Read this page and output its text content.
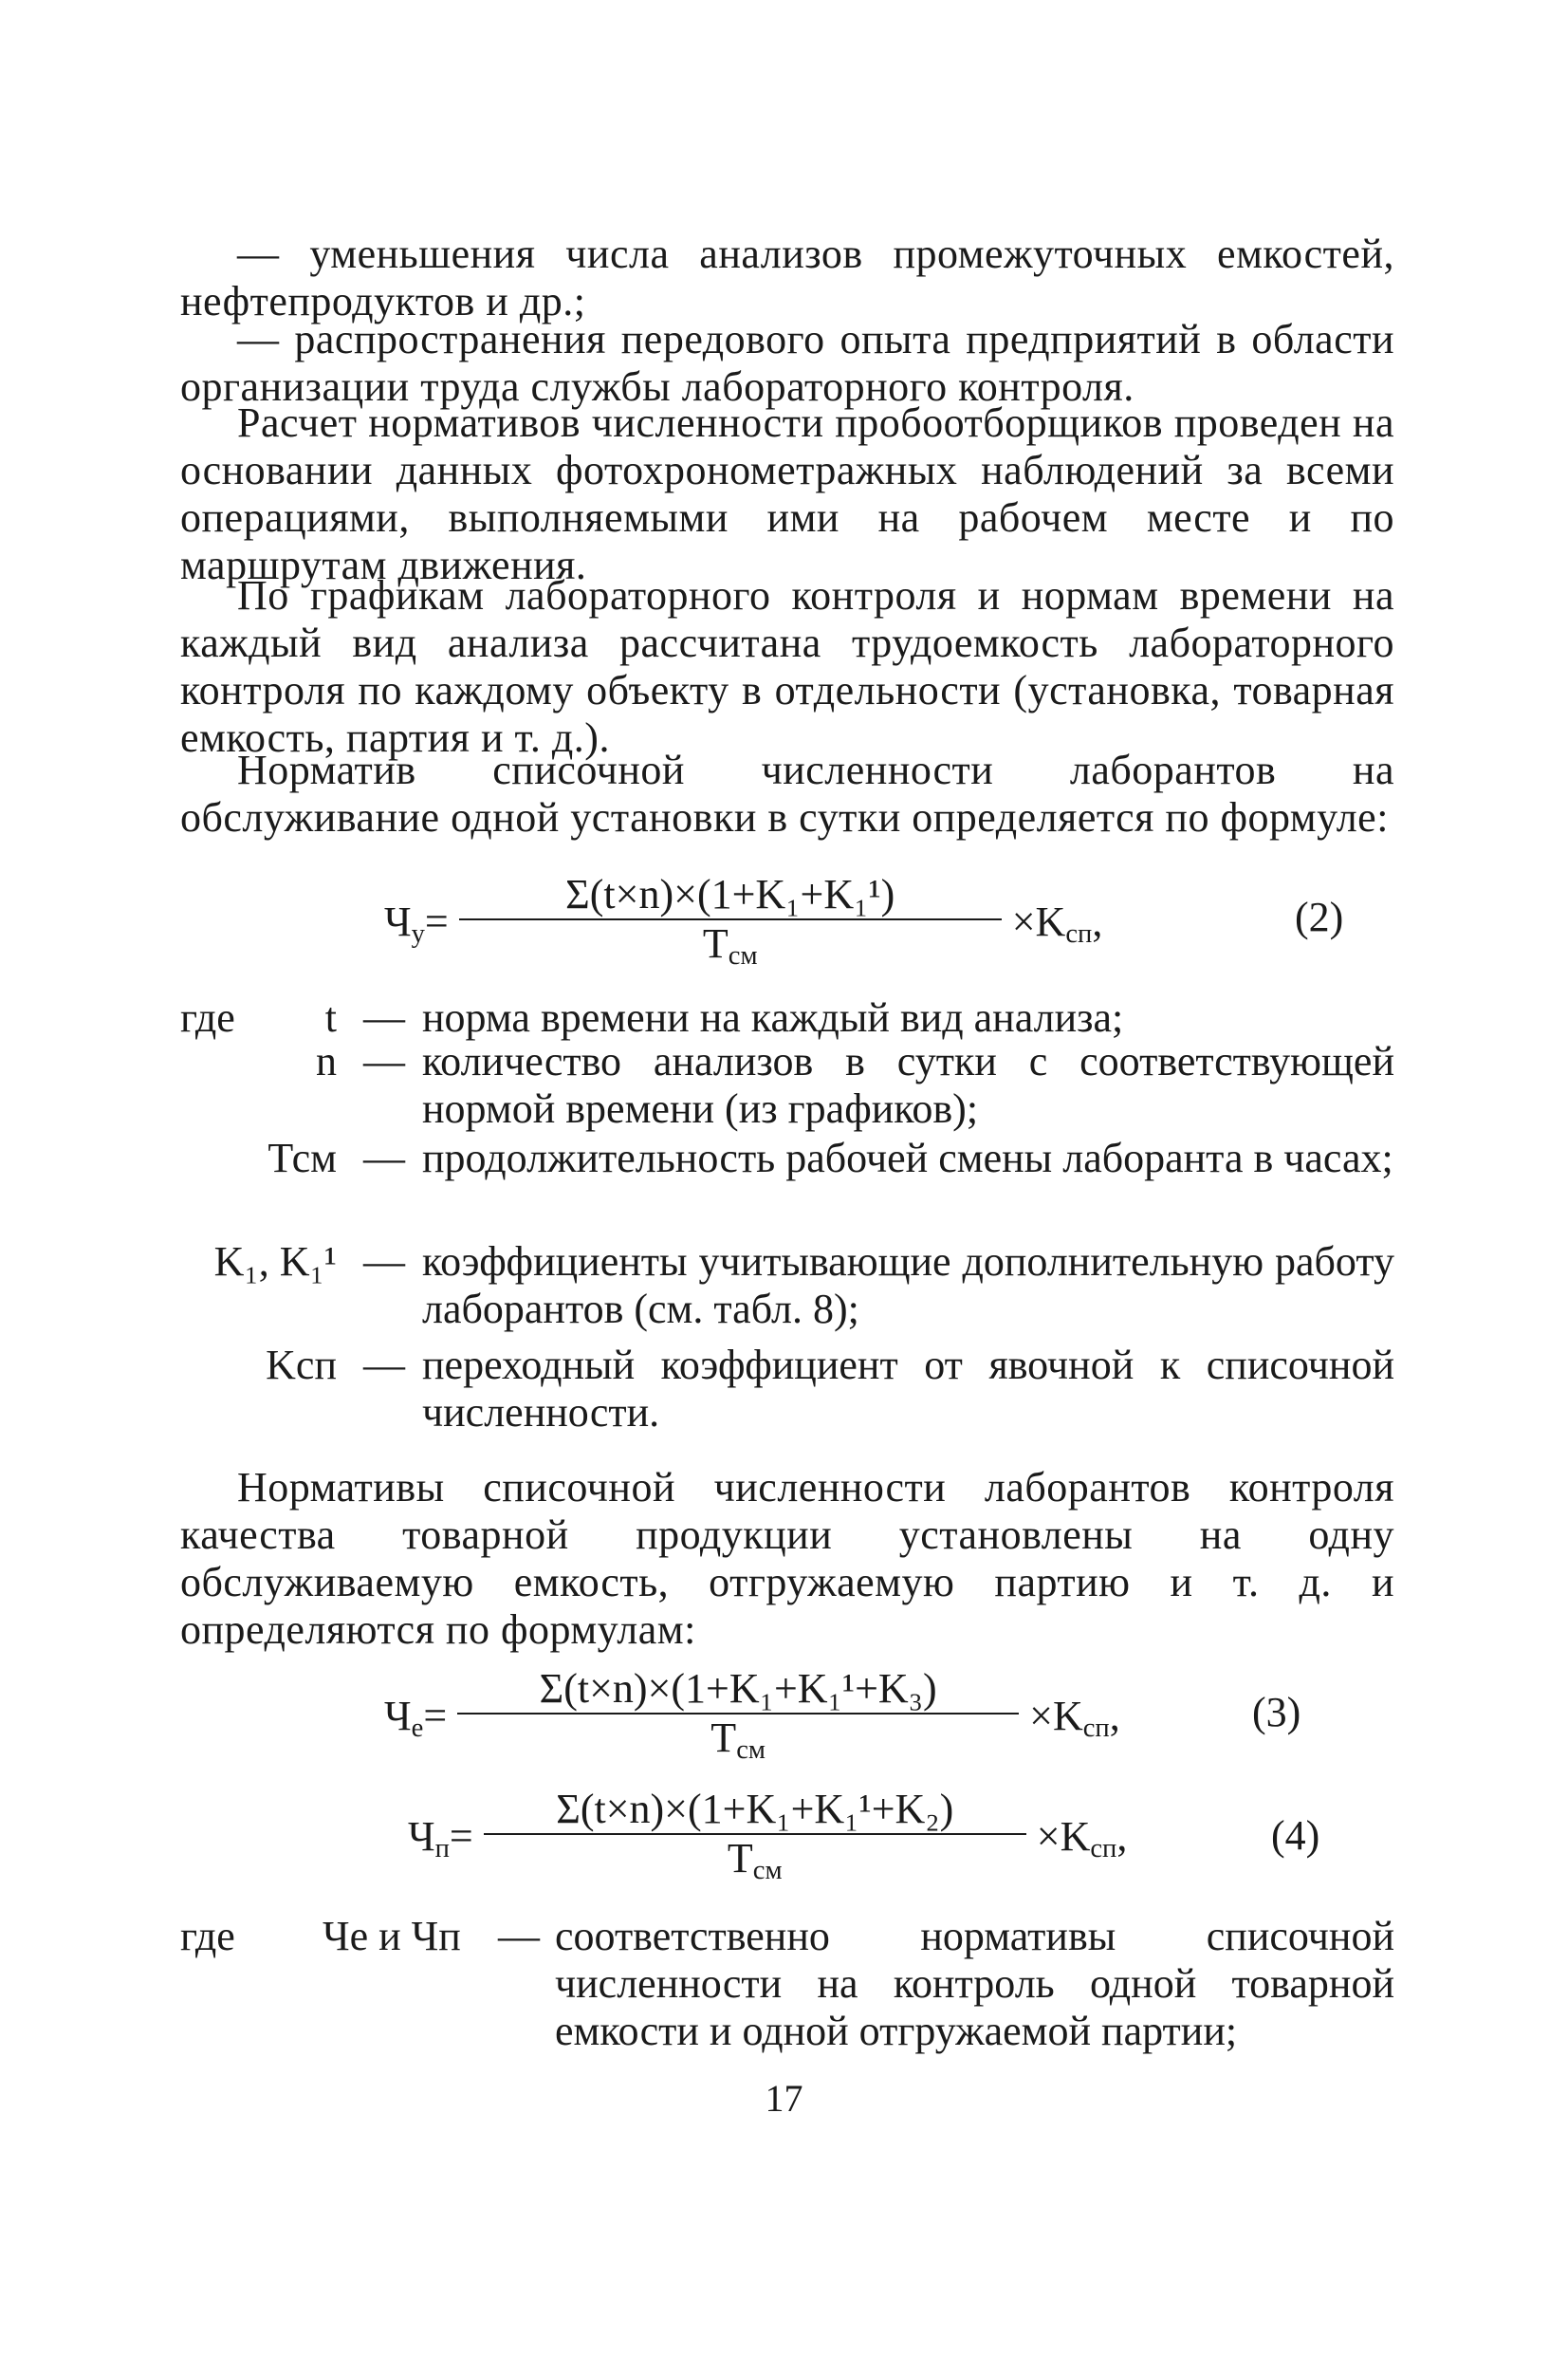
— уменьшения числа анализов промежуточных емкостей, нефтепродуктов и др.;

— распространения передового опыта предприятий в области организации труда службы лабораторного контроля.

Расчет нормативов численности пробоотборщиков проведен на основании данных фотохронометражных наблюдений за всеми операциями, выполняемыми ими на рабочем месте и по маршрутам движения.

По графикам лабораторного контроля и нормам времени на каждый вид анализа рассчитана трудоемкость лабораторного контроля по каждому объекту в отдельности (установка, товарная емкость, партия и т. д.).

Норматив списочной численности лаборантов на обслуживание одной установки в сутки определяется по формуле:

$Ч_у= \frac{\text{Σ(t×n)×(1+K₁+K₁¹)}}{Т_{см}} \times K_{сп}$,	(2)
где t — норма времени на каждый вид анализа;
n — количество анализов в сутки с соответствующей нормой времени (из графиков);
Тсм — продолжительность рабочей смены лаборанта в часах;
K₁, K₁¹ — коэффициенты учитывающие дополнительную работу лаборантов (см. табл. 8);
Kсп — переходный коэффициент от явочной к списочной численности.

Нормативы списочной численности лаборантов контроля качества товарной продукции установлены на одну обслуживаемую емкость, отгружаемую партию и т. д. и определяются по формулам:

$Ч_е= \frac{\text{Σ(t×n)×(1+K₁+K₁¹+K₃)}}{Т_{см}} \times K_{сп}$,	(3)
$Ч_п= \frac{\text{Σ(t×n)×(1+K₁+K₁¹+K₂)}}{Т_{см}} \times K_{сп}$,	(4)
где Че и Чп — соответственно нормативы списочной численности на контроль одной товарной емкости и одной отгружаемой партии;
17
